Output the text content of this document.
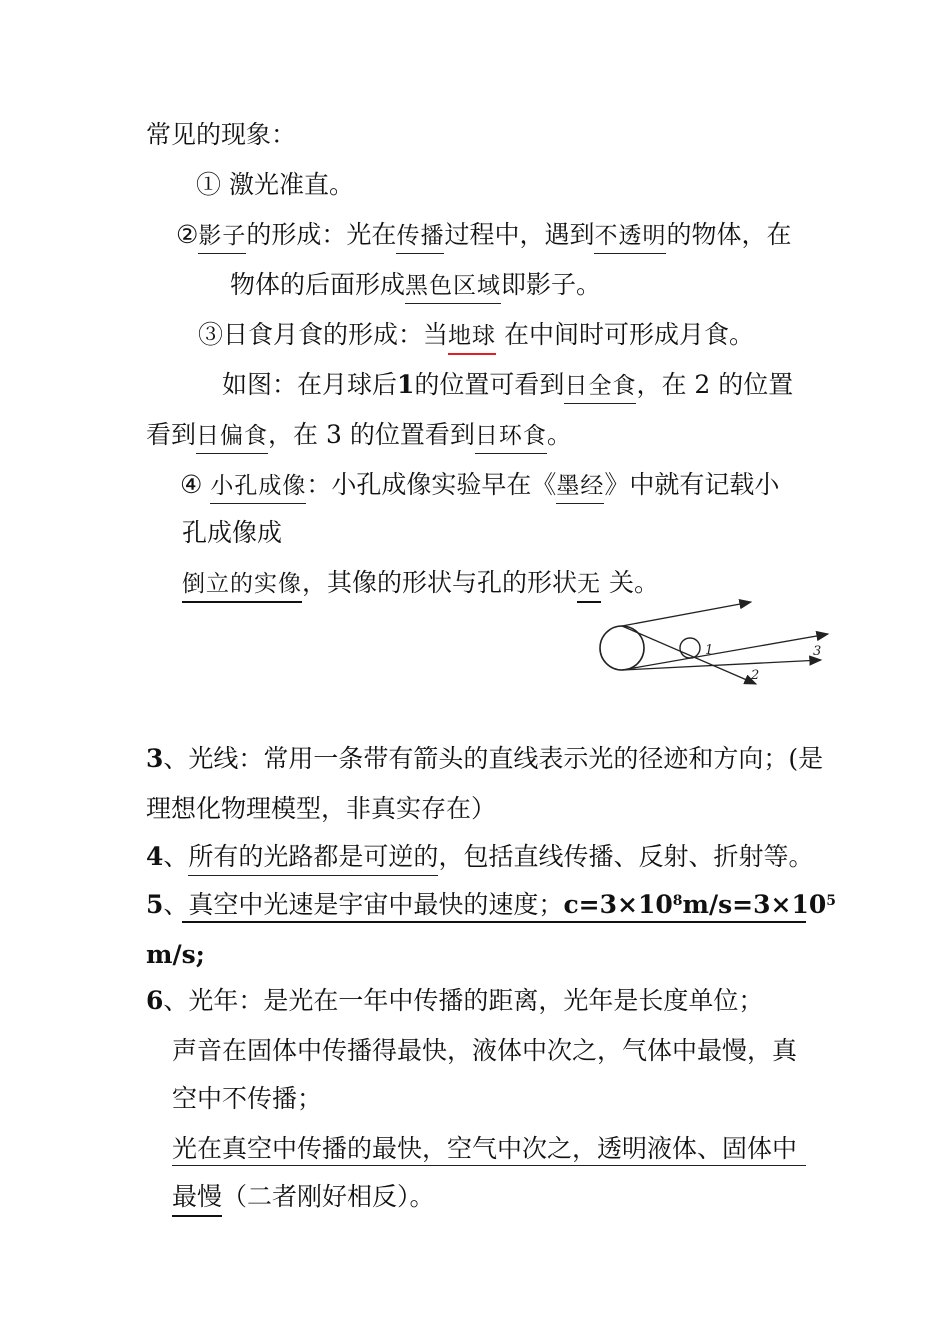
常见的现象：
① 激光准直。
②影子的形成：光在传播过程中，遇到不透明的物体，在
物体的后面形成黑色区域即影子。
③日食月食的形成：当地球 在中间时可形成月食。
如图：在月球后1的位置可看到日全食，在 2 的位置
看到日偏食，在 3 的位置看到日环食。
④ 小孔成像：小孔成像实验早在《墨经》中就有记载小
孔成像成
倒立的实像，其像的形状与孔的形状无 关。
1
2
3
3、光线：常用一条带有箭头的直线表示光的径迹和方向；(是
理想化物理模型，非真实存在）
4、所有的光路都是可逆的，包括直线传播、反射、折射等。
5、真空中光速是宇宙中最快的速度；$c=3\times 10^8m/s=3\times 10^5$
m/s;
6、光年：是光在一年中传播的距离，光年是长度单位；
声音在固体中传播得最快，液体中次之，气体中最慢，真
空中不传播；
光在真空中传播的最快，空气中次之，透明液体、固体中
最慢（二者刚好相反）。
